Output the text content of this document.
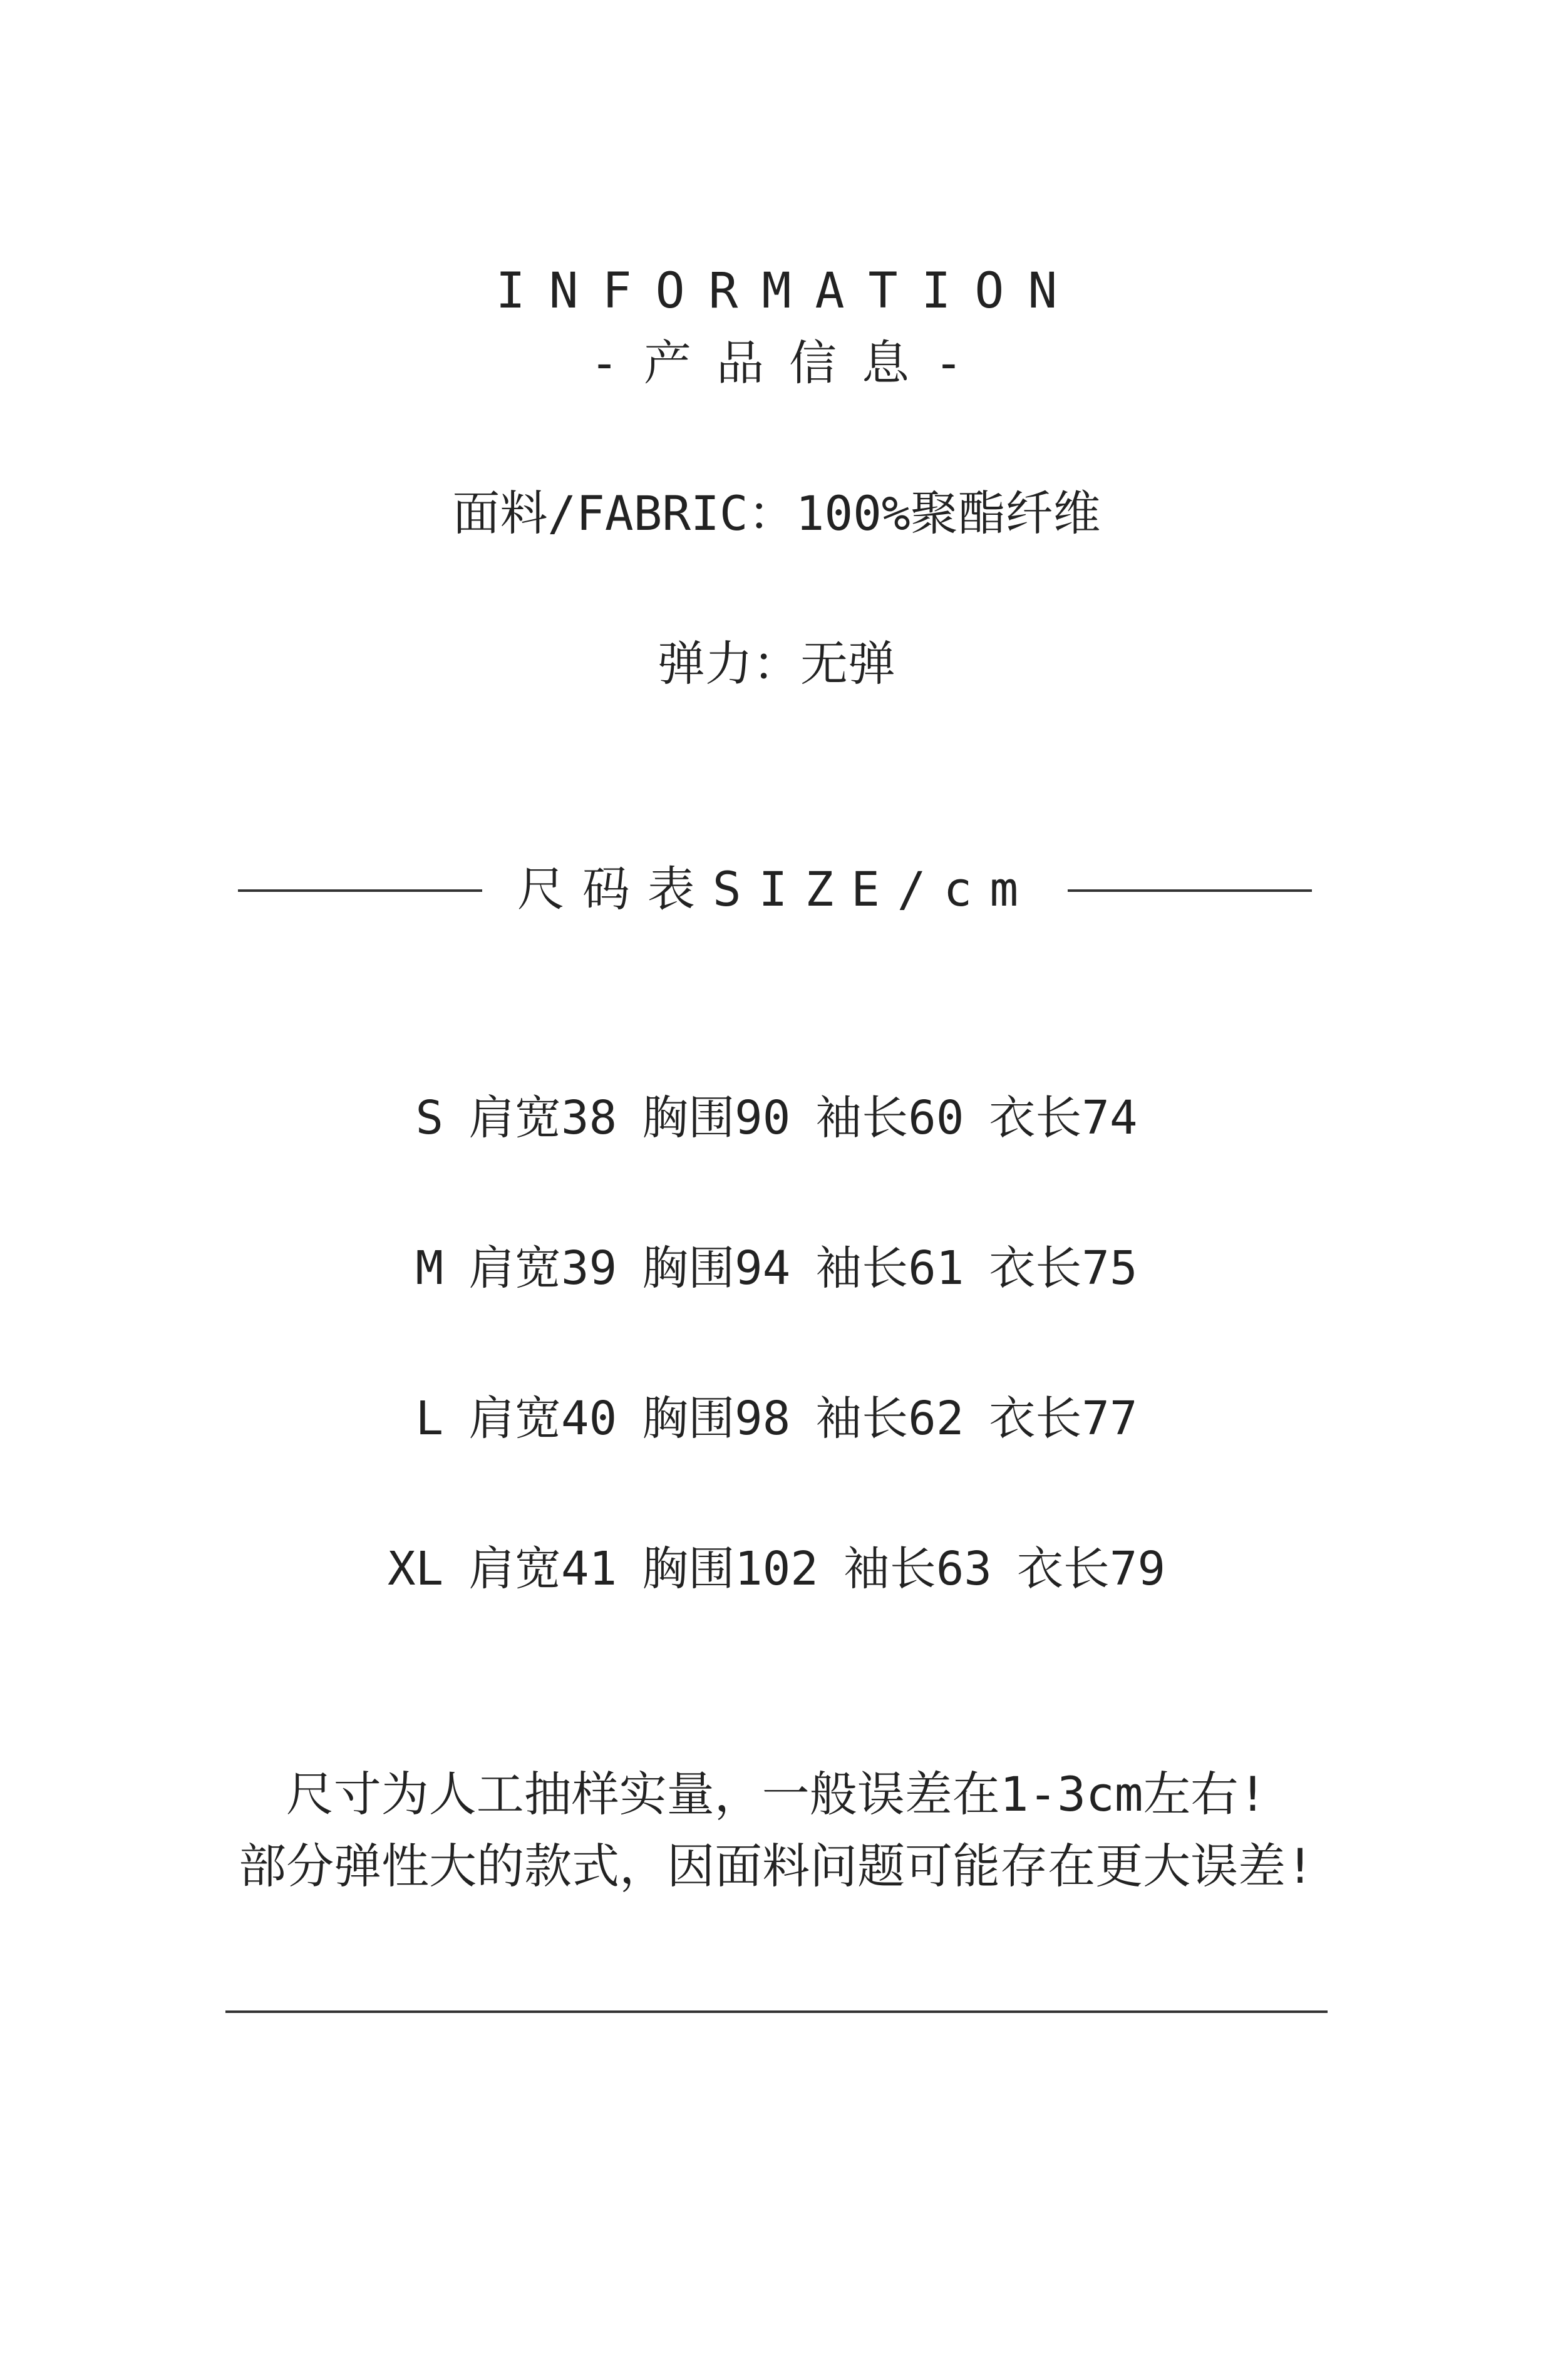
INFORMATION
-产品信息-
面料/FABRIC：100%聚酯纤维
弹力：无弹
尺码表SIZE/cm
S 肩宽38 胸围90 袖长60 衣长74
M 肩宽39 胸围94 袖长61 衣长75
L 肩宽40 胸围98 袖长62 衣长77
XL 肩宽41 胸围102 袖长63 衣长79
尺寸为人工抽样实量，一般误差在1-3cm左右!
部分弹性大的款式，因面料问题可能存在更大误差!
